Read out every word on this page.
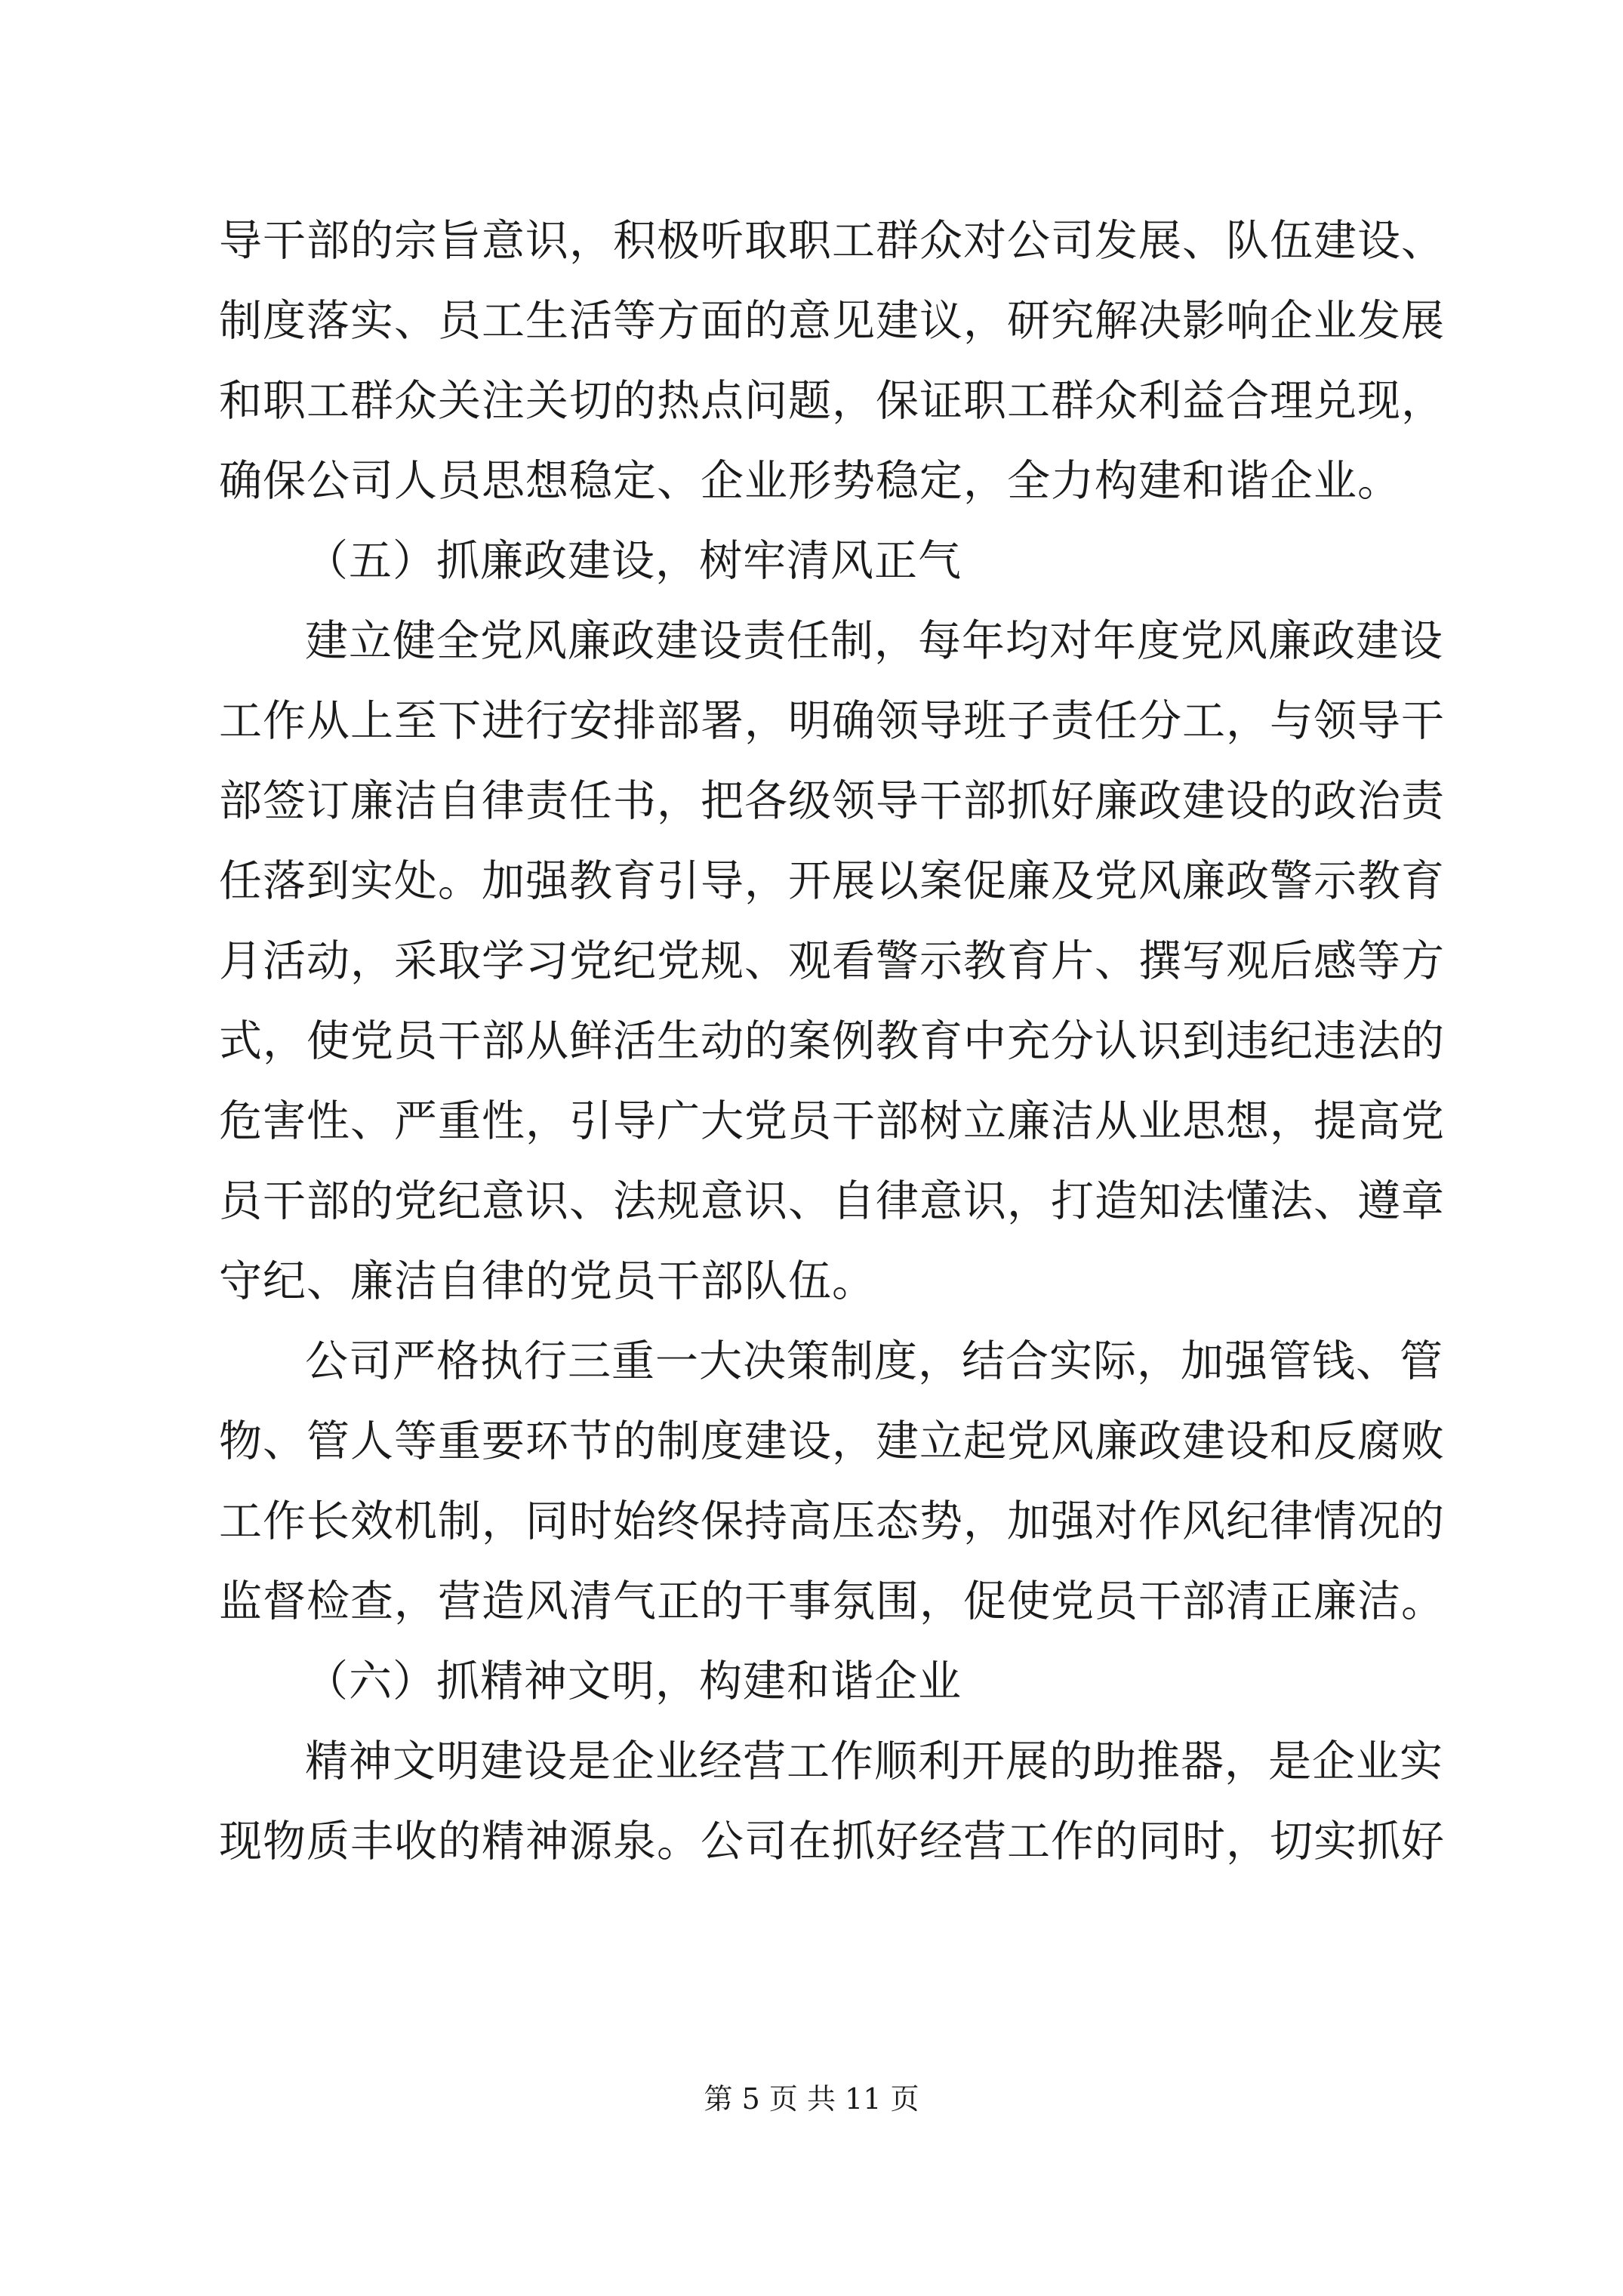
导干部的宗旨意识，积极听取职工群众对公司发展、队伍建设、
制度落实、员工生活等方面的意见建议，研究解决影响企业发展
和职工群众关注关切的热点问题，保证职工群众利益合理兑现，
确保公司人员思想稳定、企业形势稳定，全力构建和谐企业。
（五）抓廉政建设，树牢清风正气
建立健全党风廉政建设责任制，每年均对年度党风廉政建设
工作从上至下进行安排部署，明确领导班子责任分工，与领导干
部签订廉洁自律责任书，把各级领导干部抓好廉政建设的政治责
任落到实处。加强教育引导，开展以案促廉及党风廉政警示教育
月活动，采取学习党纪党规、观看警示教育片、撰写观后感等方
式，使党员干部从鲜活生动的案例教育中充分认识到违纪违法的
危害性、严重性，引导广大党员干部树立廉洁从业思想，提高党
员干部的党纪意识、法规意识、自律意识，打造知法懂法、遵章
守纪、廉洁自律的党员干部队伍。
公司严格执行三重一大决策制度，结合实际，加强管钱、管
物、管人等重要环节的制度建设，建立起党风廉政建设和反腐败
工作长效机制，同时始终保持高压态势，加强对作风纪律情况的
监督检查，营造风清气正的干事氛围，促使党员干部清正廉洁。
（六）抓精神文明，构建和谐企业
精神文明建设是企业经营工作顺利开展的助推器，是企业实
现物质丰收的精神源泉。公司在抓好经营工作的同时，切实抓好
第 5 页 共 11 页
